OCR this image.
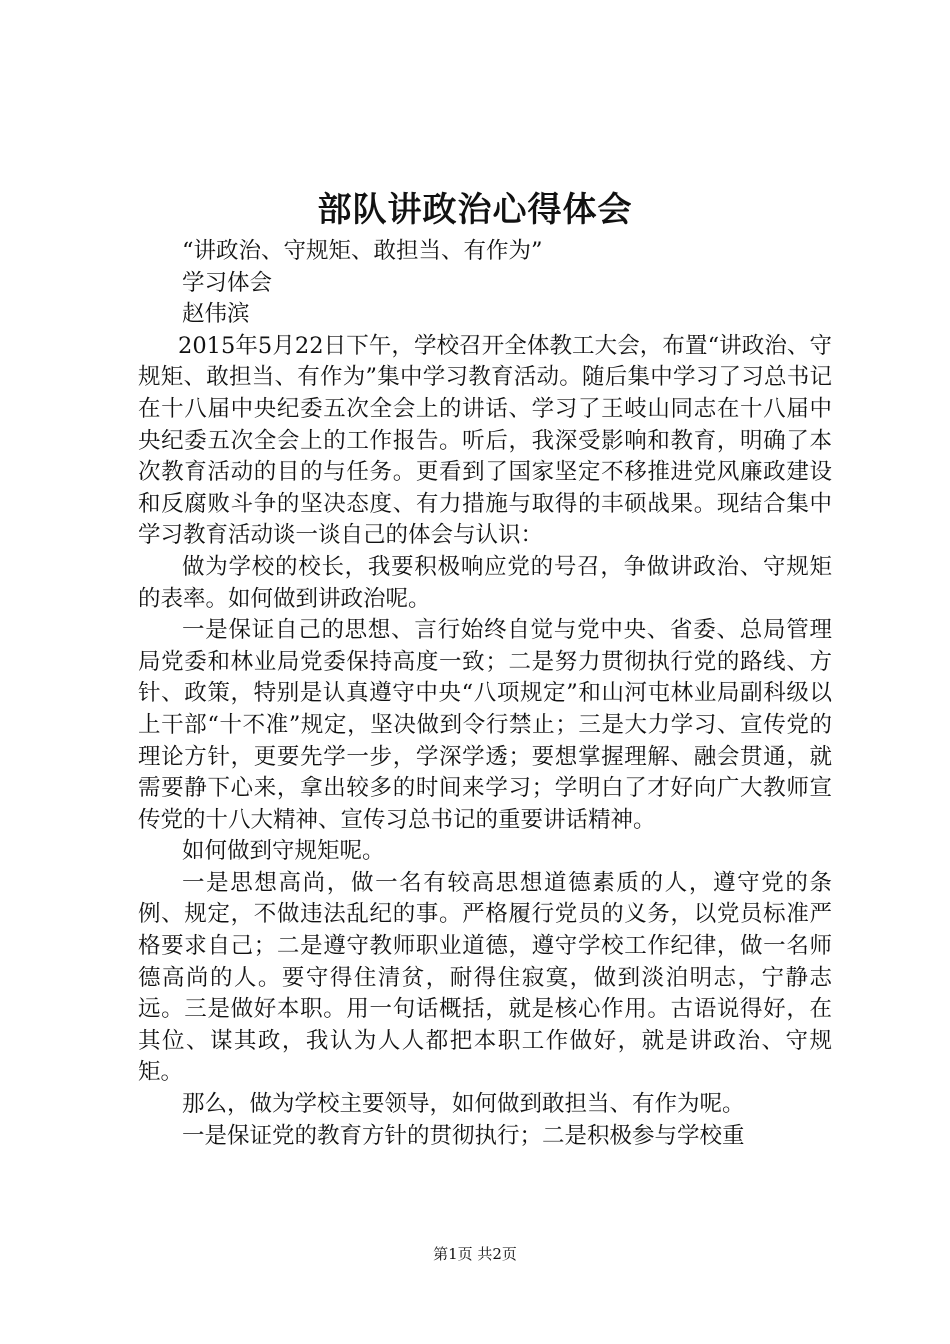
部队讲政治心得体会

“讲政治、守规矩、敢担当、有作为”

学习体会

赵伟滨

2015年5月22日下午，学校召开全体教工大会，布置“讲政治、守规矩、敢担当、有作为”集中学习教育活动。随后集中学习了习总书记在十八届中央纪委五次全会上的讲话、学习了王岐山同志在十八届中央纪委五次全会上的工作报告。听后，我深受影响和教育，明确了本次教育活动的目的与任务。更看到了国家坚定不移推进党风廉政建设和反腐败斗争的坚决态度、有力措施与取得的丰硕战果。现结合集中学习教育活动谈一谈自己的体会与认识：

做为学校的校长，我要积极响应党的号召，争做讲政治、守规矩的表率。如何做到讲政治呢。

一是保证自己的思想、言行始终自觉与党中央、省委、总局管理局党委和林业局党委保持高度一致；二是努力贯彻执行党的路线、方针、政策，特别是认真遵守中央“八项规定”和山河屯林业局副科级以上干部“十不准”规定，坚决做到令行禁止；三是大力学习、宣传党的理论方针，更要先学一步，学深学透；要想掌握理解、融会贯通，就需要静下心来，拿出较多的时间来学习；学明白了才好向广大教师宣传党的十八大精神、宣传习总书记的重要讲话精神。

如何做到守规矩呢。

一是思想高尚，做一名有较高思想道德素质的人，遵守党的条例、规定，不做违法乱纪的事。严格履行党员的义务，以党员标准严格要求自己；二是遵守教师职业道德，遵守学校工作纪律，做一名师德高尚的人。要守得住清贫，耐得住寂寞，做到淡泊明志，宁静志远。三是做好本职。用一句话概括，就是核心作用。古语说得好，在其位、谋其政，我认为人人都把本职工作做好，就是讲政治、守规矩。

那么，做为学校主要领导，如何做到敢担当、有作为呢。

一是保证党的教育方针的贯彻执行；二是积极参与学校重

第1页 共2页
